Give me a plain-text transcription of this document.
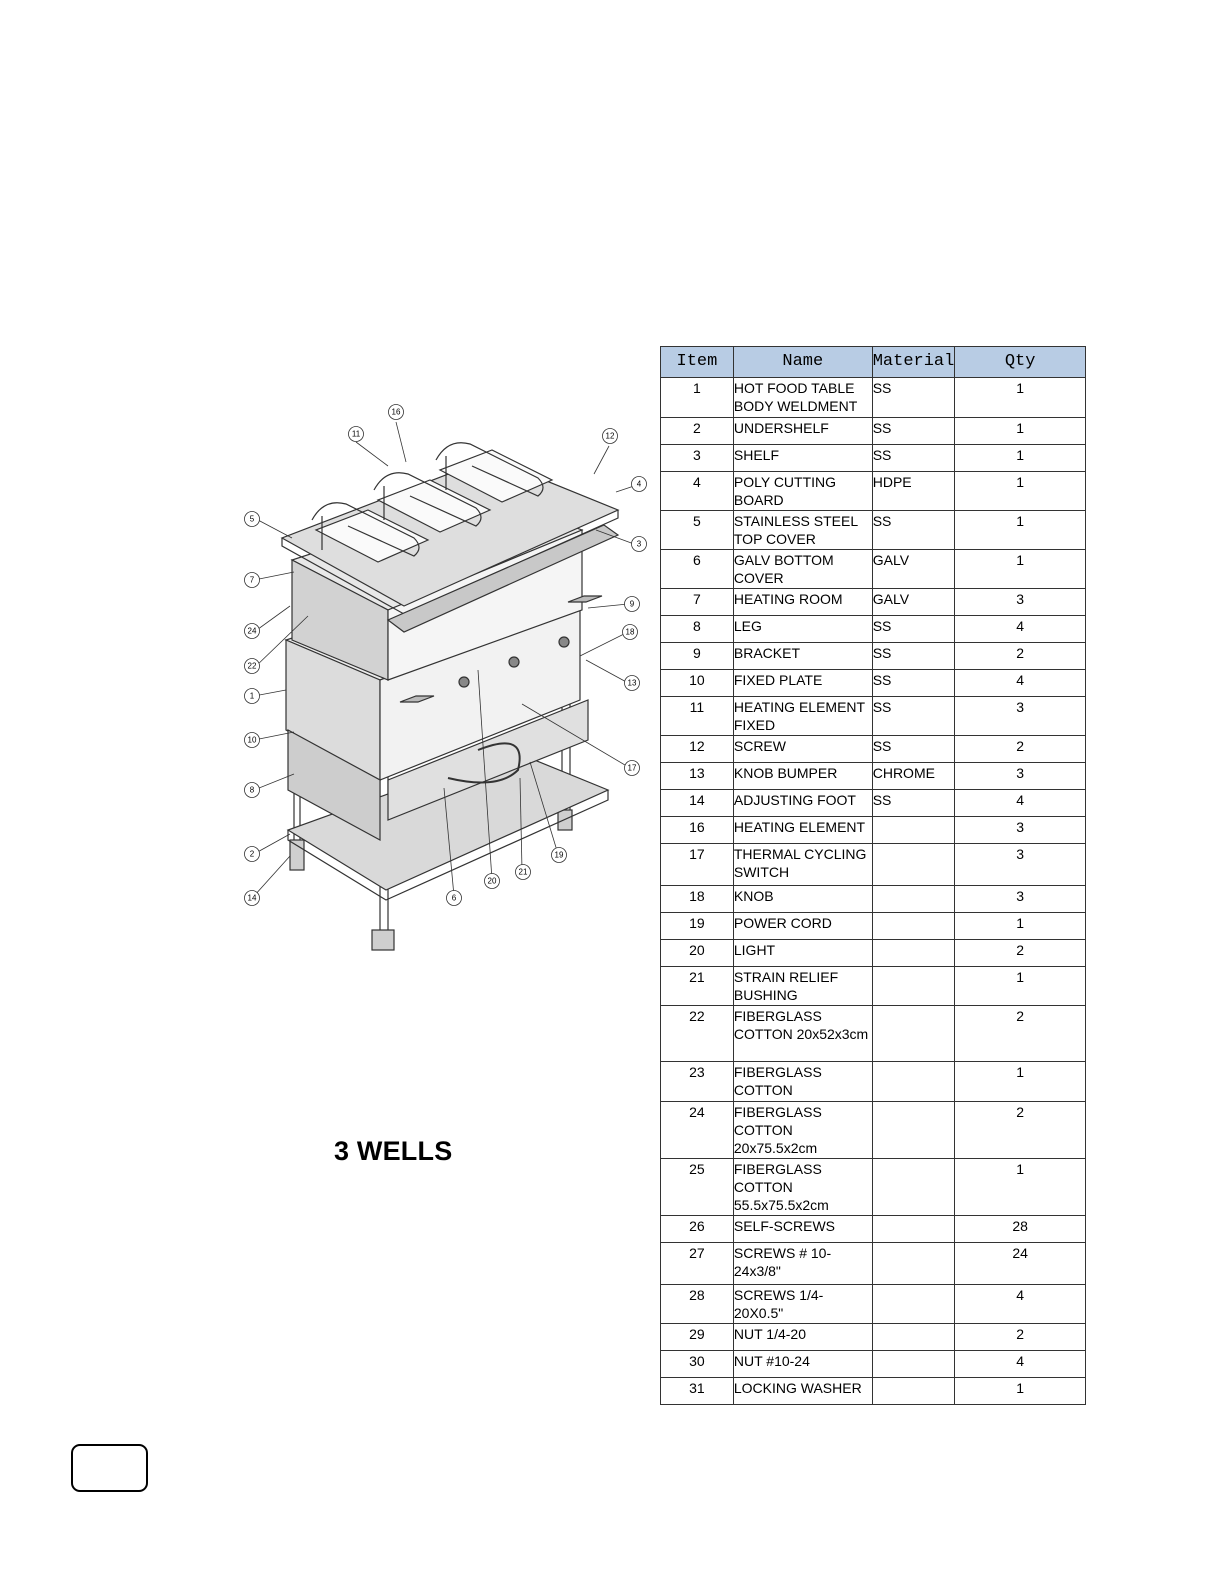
16
11	12
4
5
3
7
9
24	18
22
13
1
10
17
8
19
2
21
20
14	6
3 WELLS
Item	Name	Material	Qty
1	HOT FOOD TABLE BODY WELDMENT	SS	1
2	UNDERSHELF	SS	1
3	SHELF	SS	1
4	POLY CUTTING BOARD	HDPE	1
5	STAINLESS STEEL TOP COVER	SS	1
6	GALV BOTTOM COVER	GALV	1
7	HEATING ROOM	GALV	3
8	LEG	SS	4
9	BRACKET	SS	2
10	FIXED PLATE	SS	4
11	HEATING ELEMENT FIXED	SS	3
12	SCREW	SS	2
13	KNOB BUMPER	CHROME	3
14	ADJUSTING FOOT	SS	4
16	HEATING ELEMENT		3
17	THERMAL CYCLING SWITCH		3
18	KNOB		3
19	POWER CORD		1
20	LIGHT		2
21	STRAIN RELIEF BUSHING		1
22	FIBERGLASS COTTON 20x52x3cm		2
23	FIBERGLASS COTTON		1
24	FIBERGLASS COTTON 20x75.5x2cm		2
25	FIBERGLASS COTTON 55.5x75.5x2cm		1
26	SELF-SCREWS		28
27	SCREWS # 10-24x3/8"		24
28	SCREWS 1/4-20X0.5"		4
29	NUT 1/4-20		2
30	NUT #10-24		4
31	LOCKING WASHER		1
